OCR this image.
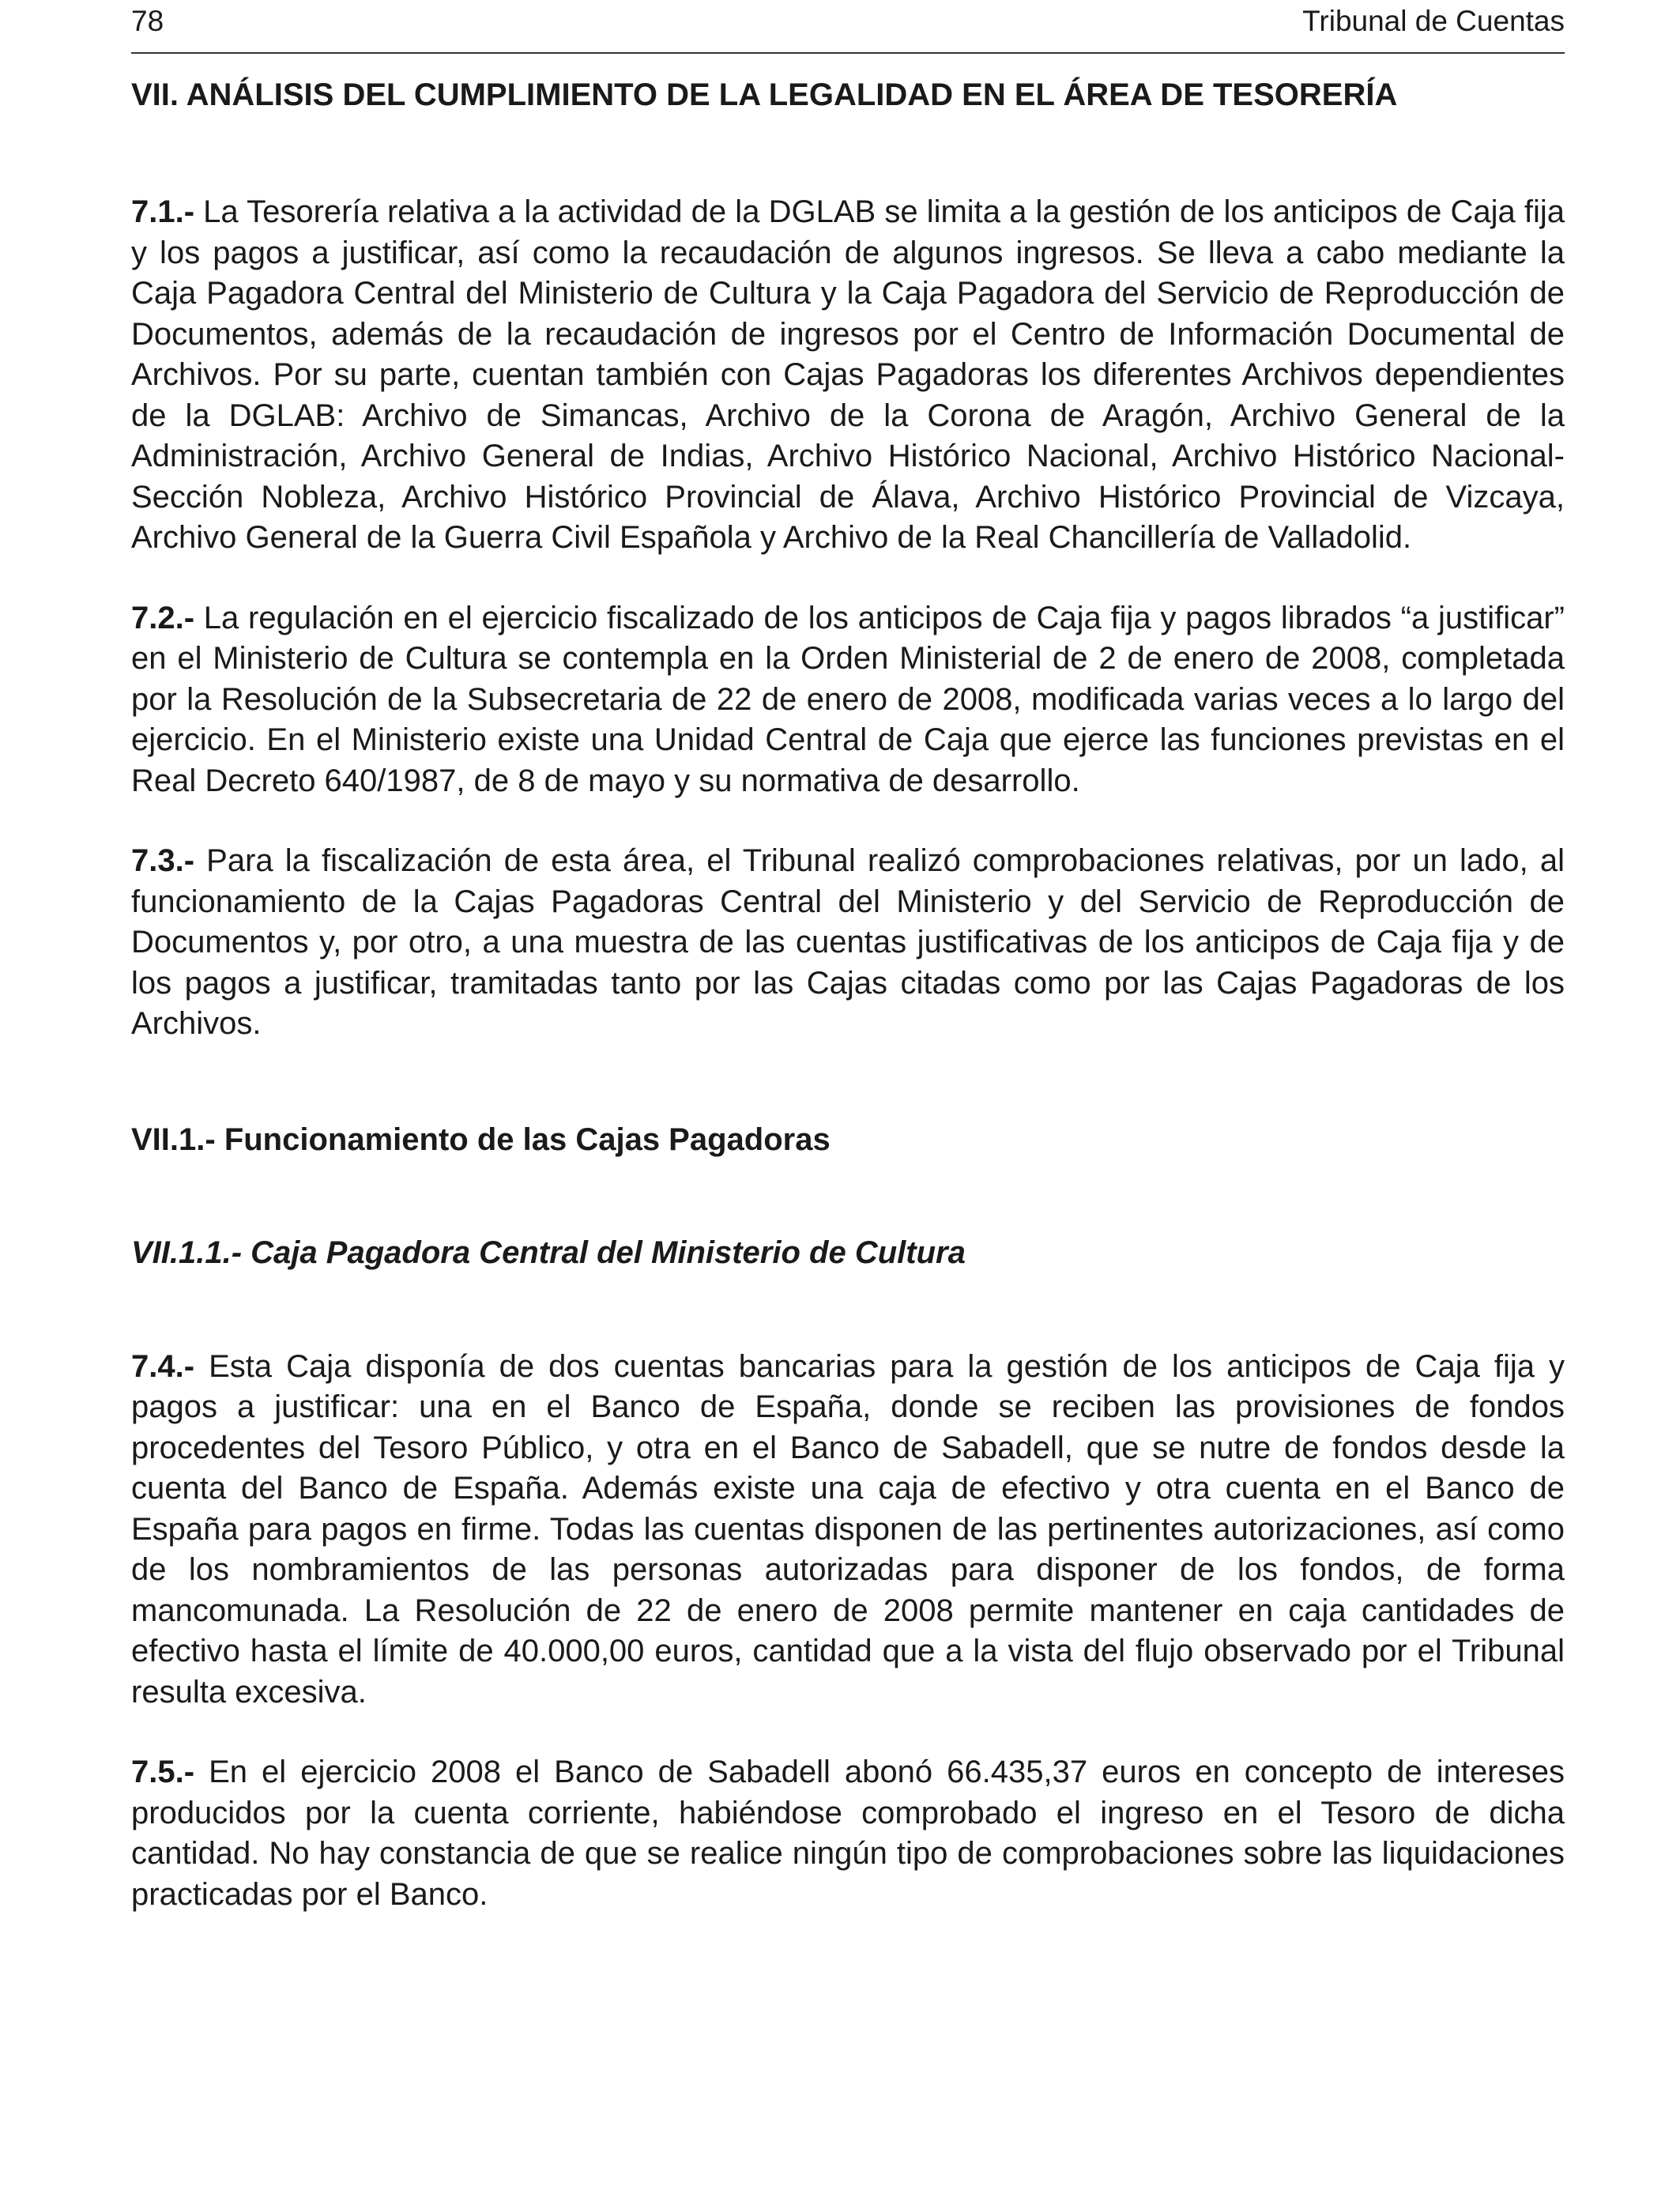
78	Tribunal de Cuentas
VII. ANÁLISIS DEL CUMPLIMIENTO DE LA LEGALIDAD EN EL ÁREA DE TESORERÍA

7.1.- La Tesorería relativa a la actividad de la DGLAB se limita a la gestión de los anticipos de Caja fija y los pagos a justificar, así como la recaudación de algunos ingresos. Se lleva a cabo mediante la Caja Pagadora Central del Ministerio de Cultura y la Caja Pagadora del Servicio de Reproducción de Documentos, además de la recaudación de ingresos por el Centro de Información Documental de Archivos. Por su parte, cuentan también con Cajas Pagadoras los diferentes Archivos dependientes de la DGLAB: Archivo de Simancas, Archivo de la Corona de Aragón, Archivo General de la Administración, Archivo General de Indias, Archivo Histórico Nacional, Archivo Histórico Nacional-Sección Nobleza, Archivo Histórico Provincial de Álava, Archivo Histórico Provincial de Vizcaya, Archivo General de la Guerra Civil Española y Archivo de la Real Chancillería de Valladolid.

7.2.- La regulación en el ejercicio fiscalizado de los anticipos de Caja fija y pagos librados “a justificar” en el Ministerio de Cultura se contempla en la Orden Ministerial de 2 de enero de 2008, completada por la Resolución de la Subsecretaria de 22 de enero de 2008, modificada varias veces a lo largo del ejercicio. En el Ministerio existe una Unidad Central de Caja que ejerce las funciones previstas en el Real Decreto 640/1987, de 8 de mayo y su normativa de desarrollo.

7.3.- Para la fiscalización de esta área, el Tribunal realizó comprobaciones relativas, por un lado, al funcionamiento de la Cajas Pagadoras Central del Ministerio y del Servicio de Reproducción de Documentos y, por otro, a una muestra de las cuentas justificativas de los anticipos de Caja fija y de los pagos a justificar, tramitadas tanto por las Cajas citadas como por las Cajas Pagadoras de los Archivos.

VII.1.- Funcionamiento de las Cajas Pagadoras
VII.1.1.- Caja Pagadora Central del Ministerio de Cultura

7.4.- Esta Caja disponía de dos cuentas bancarias para la gestión de los anticipos de Caja fija y pagos a justificar: una en el Banco de España, donde se reciben las provisiones de fondos procedentes del Tesoro Público, y otra en el Banco de Sabadell, que se nutre de fondos desde la cuenta del Banco de España. Además existe una caja de efectivo y otra cuenta en el Banco de España para pagos en firme. Todas las cuentas disponen de las pertinentes autorizaciones, así como de los nombramientos de las personas autorizadas para disponer de los fondos, de forma mancomunada. La Resolución de 22 de enero de 2008 permite mantener en caja cantidades de efectivo hasta el límite de 40.000,00 euros, cantidad que a la vista del flujo observado por el Tribunal resulta excesiva.

7.5.- En el ejercicio 2008 el Banco de Sabadell abonó 66.435,37 euros en concepto de intereses producidos por la cuenta corriente, habiéndose comprobado el ingreso en el Tesoro de dicha cantidad. No hay constancia de que se realice ningún tipo de comprobaciones sobre las liquidaciones practicadas por el Banco.
